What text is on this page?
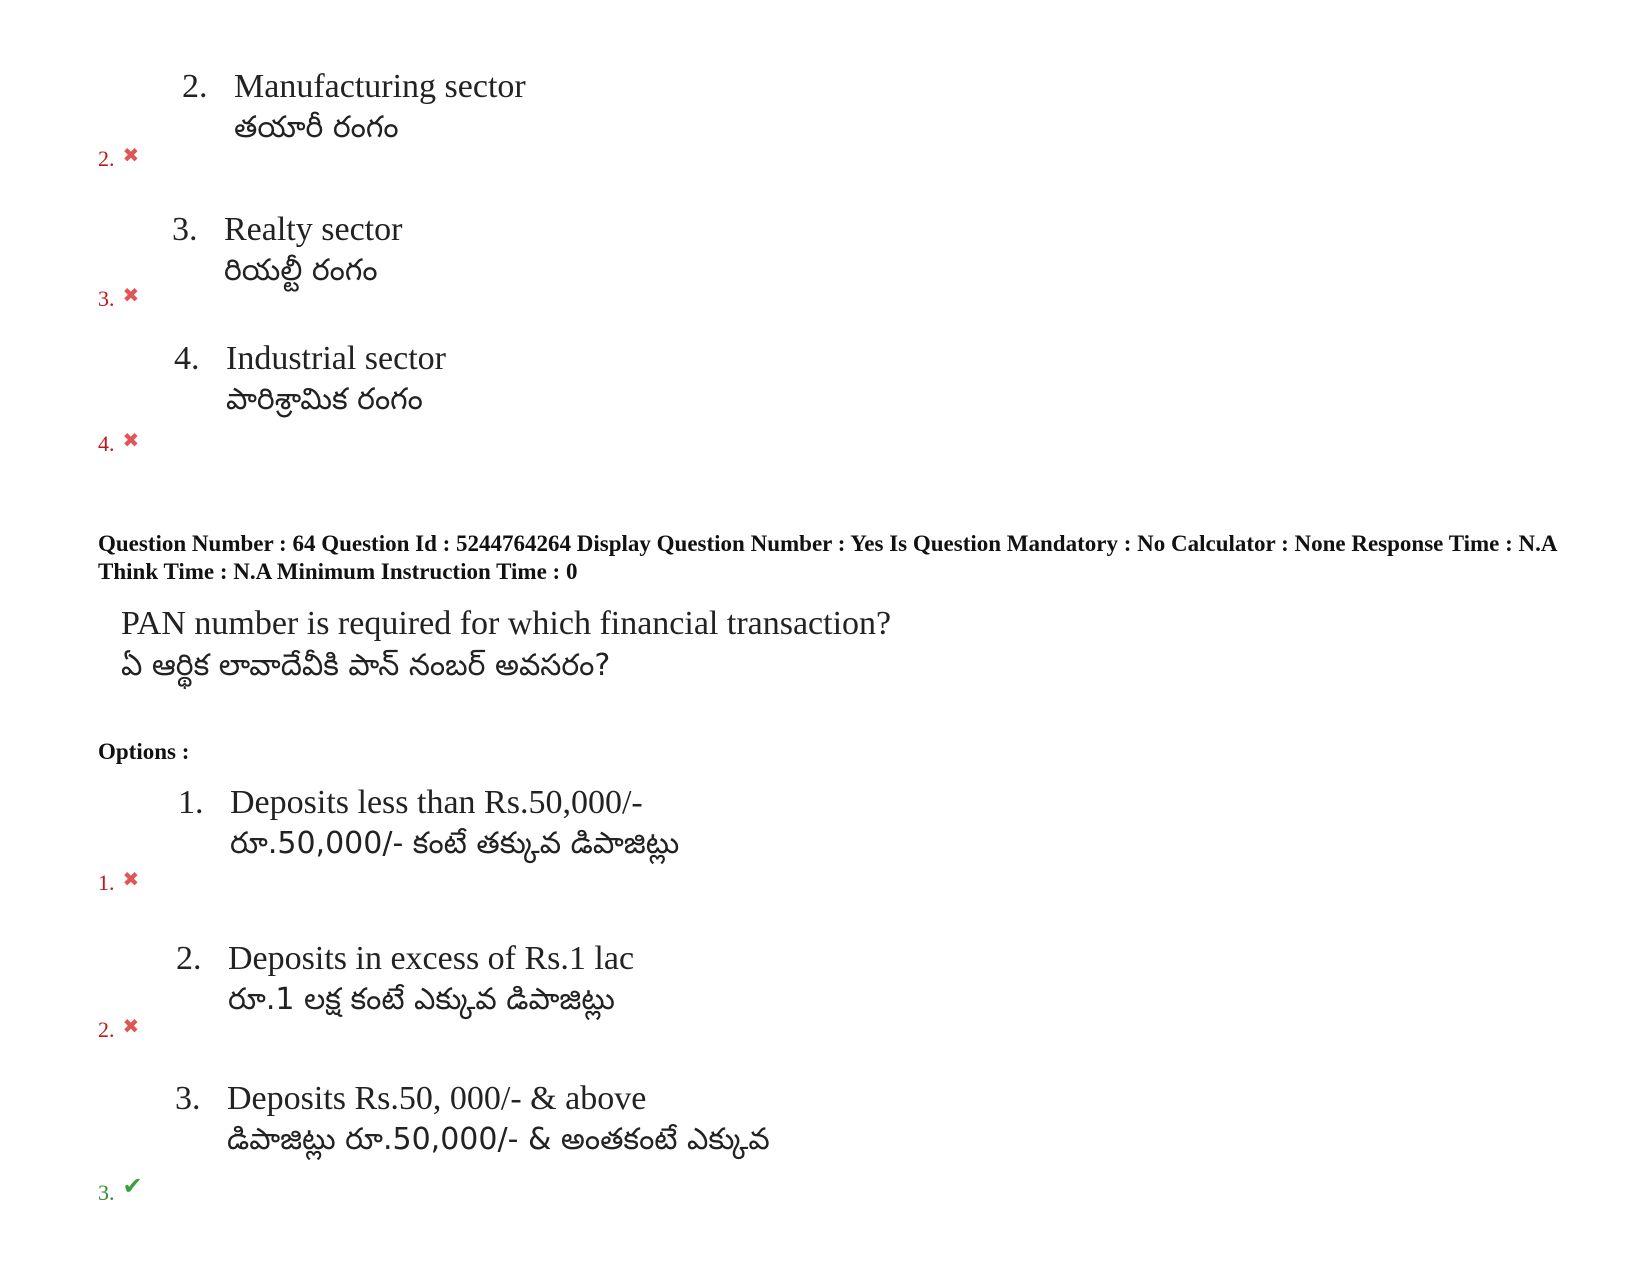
2. Manufacturing sector
తయారీ రంగం
2. ✖
3. Realty sector
రియల్టీ రంగం
3. ✖
4. Industrial sector
పారిశ్రామిక రంగం
4. ✖
Question Number : 64 Question Id : 5244764264 Display Question Number : Yes Is Question Mandatory : No Calculator : None Response Time : N.A Think Time : N.A Minimum Instruction Time : 0
PAN number is required for which financial transaction?
ఏ ఆర్థిక లావాదేవీకి పాన్ నంబర్ అవసరం?
Options :
1. Deposits less than Rs.50,000/-
రూ.50,000/- కంటే తక్కువ డిపాజిట్లు
1. ✖
2. Deposits in excess of Rs.1 lac
రూ.1 లక్ష కంటే ఎక్కువ డిపాజిట్లు
2. ✖
3. Deposits Rs.50, 000/- & above
డిపాజిట్లు రూ.50,000/- & అంతకంటే ఎక్కువ
3. ✔
